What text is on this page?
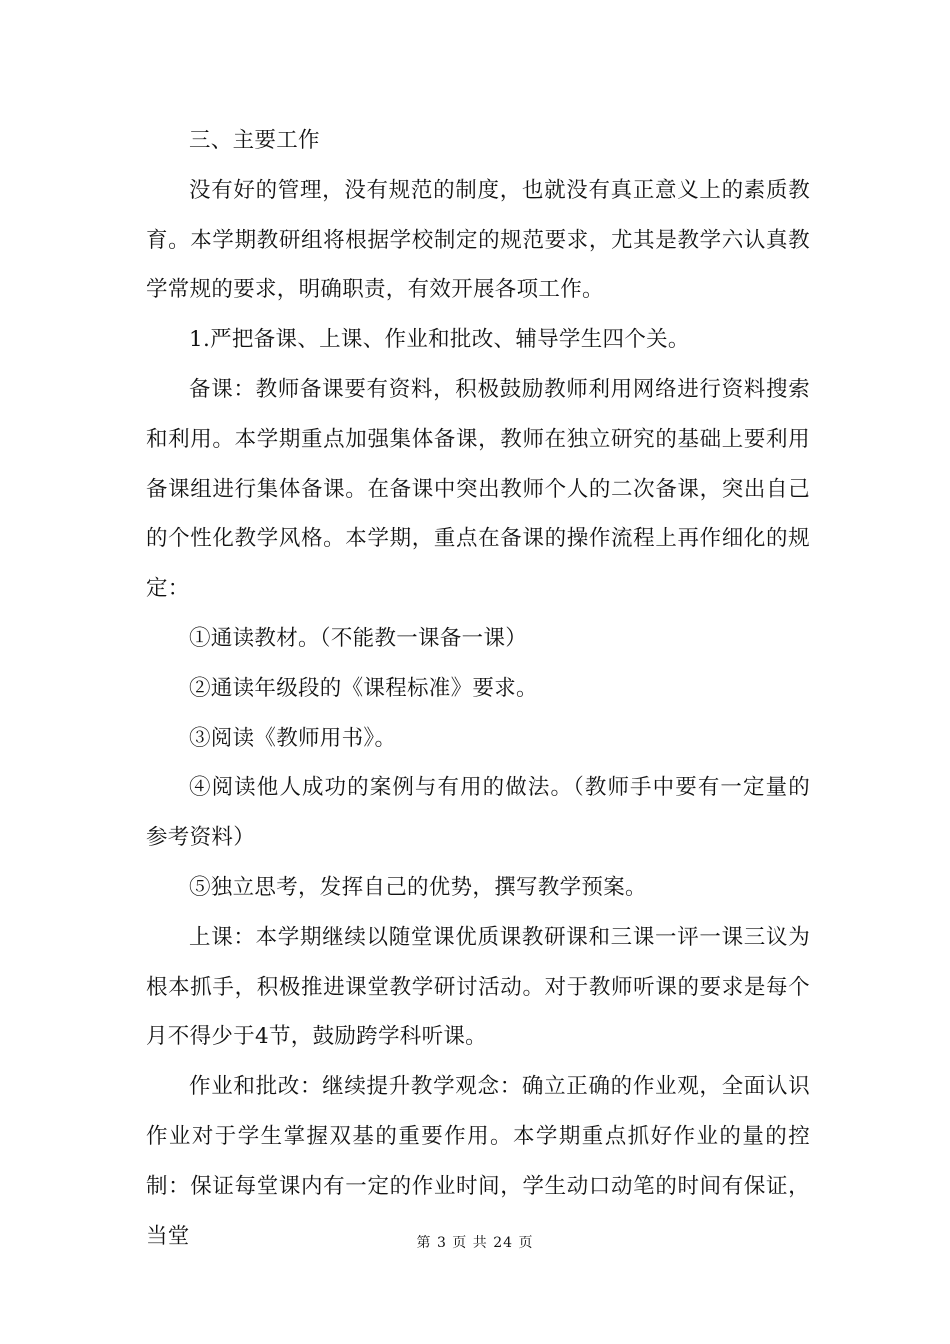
三、主要工作

没有好的管理，没有规范的制度，也就没有真正意义上的素质教育。本学期教研组将根据学校制定的规范要求，尤其是教学六认真教学常规的要求，明确职责，有效开展各项工作。

1.严把备课、上课、作业和批改、辅导学生四个关。

备课：教师备课要有资料，积极鼓励教师利用网络进行资料搜索和利用。本学期重点加强集体备课，教师在独立研究的基础上要利用备课组进行集体备课。在备课中突出教师个人的二次备课，突出自己的个性化教学风格。本学期，重点在备课的操作流程上再作细化的规定：

①通读教材。（不能教一课备一课）

②通读年级段的《课程标准》要求。

③阅读《教师用书》。

④阅读他人成功的案例与有用的做法。（教师手中要有一定量的参考资料）

⑤独立思考，发挥自己的优势，撰写教学预案。

上课：本学期继续以随堂课优质课教研课和三课一评一课三议为根本抓手，积极推进课堂教学研讨活动。对于教师听课的要求是每个月不得少于4节，鼓励跨学科听课。

作业和批改：继续提升教学观念：确立正确的作业观，全面认识作业对于学生掌握双基的重要作用。本学期重点抓好作业的量的控制：保证每堂课内有一定的作业时间，学生动口动笔的时间有保证，当堂	第 3 页 共 24 页
